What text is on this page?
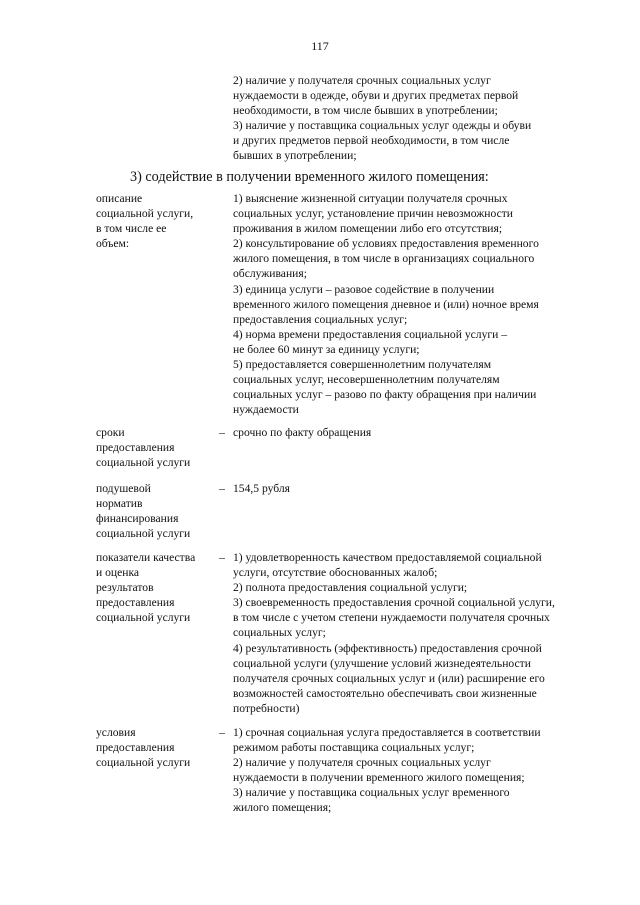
117
2) наличие у получателя срочных социальных услуг
нуждаемости в одежде, обуви и других предметах первой
необходимости, в том числе бывших в употреблении;
3) наличие у поставщика социальных услуг одежды и обуви
и других предметов первой необходимости, в том числе
бывших в употреблении;
3) содействие в получении временного жилого помещения:
описание
социальной услуги,
в том числе ее
объем:
1) выяснение жизненной ситуации получателя срочных
социальных услуг, установление причин невозможности
проживания в жилом помещении либо его отсутствия;
2) консультирование об условиях предоставления временного
жилого помещения, в том числе в организациях социального
обслуживания;
3) единица услуги – разовое содействие в получении
временного жилого помещения дневное и (или) ночное время
предоставления социальных услуг;
4) норма времени предоставления социальной услуги –
не более 60 минут за единицу услуги;
5) предоставляется совершеннолетним получателям
социальных услуг, несовершеннолетним получателям
социальных услуг – разово по факту обращения при наличии
нуждаемости
сроки
предоставления
социальной услуги
– срочно по факту обращения
подушевой
норматив
финансирования
социальной услуги
– 154,5 рубля
показатели качества
и оценка
результатов
предоставления
социальной услуги
– 1) удовлетворенность качеством предоставляемой социальной
услуги, отсутствие обоснованных жалоб;
2) полнота предоставления социальной услуги;
3) своевременность предоставления срочной социальной услуги,
в том числе с учетом степени нуждаемости получателя срочных
социальных услуг;
4) результативность (эффективность) предоставления срочной
социальной услуги (улучшение условий жизнедеятельности
получателя срочных социальных услуг и (или) расширение его
возможностей самостоятельно обеспечивать свои жизненные
потребности)
условия
предоставления
социальной услуги
– 1) срочная социальная услуга предоставляется в соответствии
режимом работы поставщика социальных услуг;
2) наличие у получателя срочных социальных услуг
нуждаемости в получении временного жилого помещения;
3) наличие у поставщика социальных услуг временного
жилого помещения;
